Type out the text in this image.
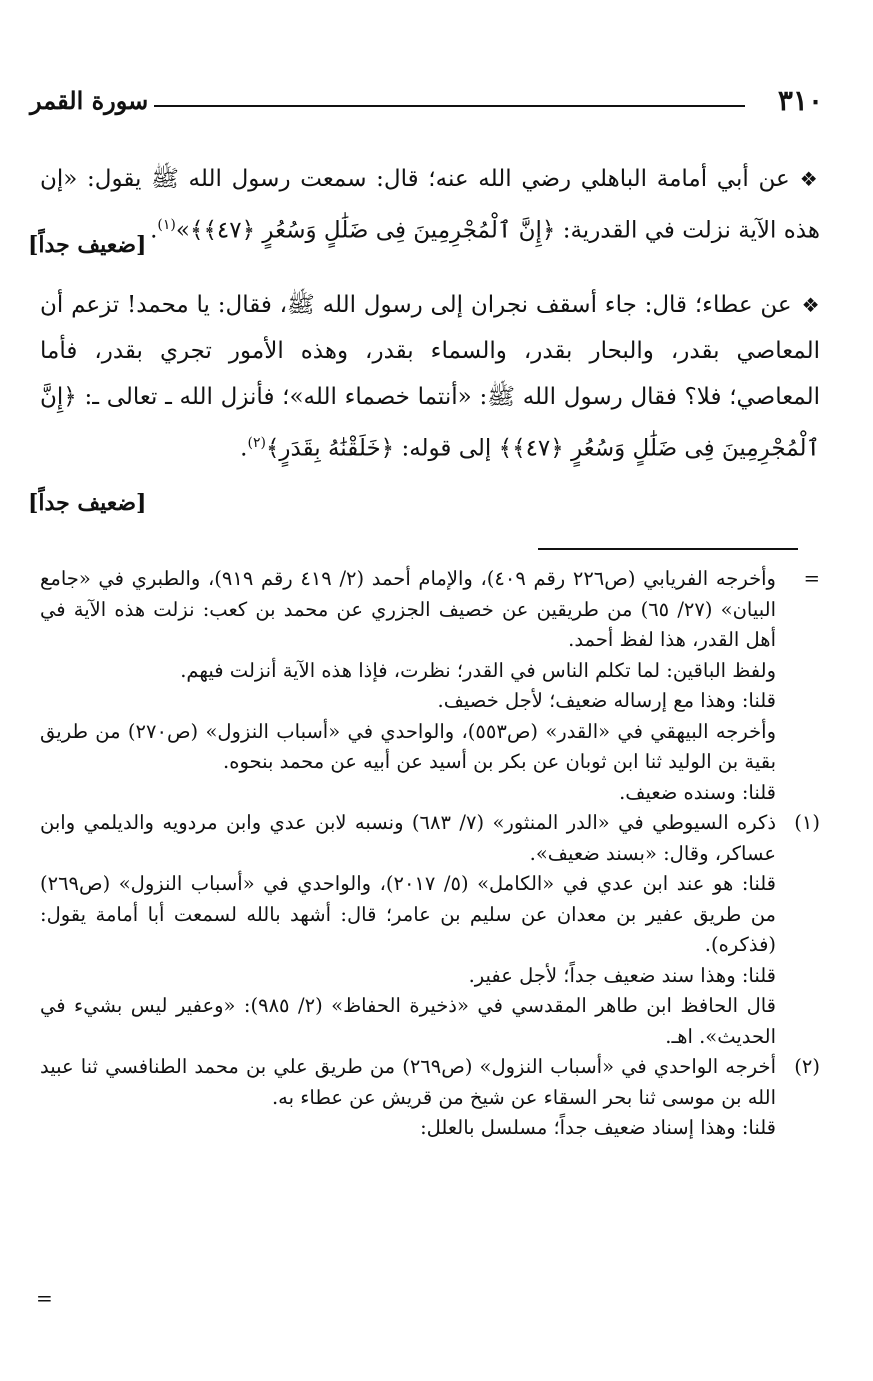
٣١٠
سورة القمر
❖عن أبي أمامة الباهلي رضي الله عنه؛ قال: سمعت رسول الله ﷺ يقول: «إن هذه الآية نزلت في القدرية: ﴿إِنَّ ٱلْمُجْرِمِينَ فِى ضَلَٰلٍ وَسُعُرٍ ﴿٤٧﴾﴾»$^{(١)}$.
[ضعيف جداً]
❖عن عطاء؛ قال: جاء أسقف نجران إلى رسول الله ﷺ، فقال: يا محمد! تزعم أن المعاصي بقدر، والبحار بقدر، والسماء بقدر، وهذه الأمور تجري بقدر، فأما المعاصي؛ فلا؟ فقال رسول الله ﷺ: «أنتما خصماء الله»؛ فأنزل الله ـ تعالى ـ: ﴿إِنَّ ٱلْمُجْرِمِينَ فِى ضَلَٰلٍ وَسُعُرٍ ﴿٤٧﴾﴾ إلى قوله: ﴿خَلَقْنَٰهُ بِقَدَرٍ﴾$^{(٢)}$.
[ضعيف جداً]
=
وأخرجه الفريابي (ص٢٢٦ رقم ٤٠٩)، والإمام أحمد (٢/ ٤١٩ رقم ٩١٩)، والطبري في «جامع البيان» (٢٧/ ٦٥) من طريقين عن خصيف الجزري عن محمد بن كعب: نزلت هذه الآية في أهل القدر، هذا لفظ أحمد.
ولفظ الباقين: لما تكلم الناس في القدر؛ نظرت، فإذا هذه الآية أنزلت فيهم.
قلنا: وهذا مع إرساله ضعيف؛ لأجل خصيف.
وأخرجه البيهقي في «القدر» (ص٥٥٣)، والواحدي في «أسباب النزول» (ص٢٧٠) من طريق بقية بن الوليد ثنا ابن ثوبان عن بكر بن أسيد عن أبيه عن محمد بنحوه.
قلنا: وسنده ضعيف.
(١)
ذكره السيوطي في «الدر المنثور» (٧/ ٦٨٣) ونسبه لابن عدي وابن مردويه والديلمي وابن عساكر، وقال: «بسند ضعيف».
قلنا: هو عند ابن عدي في «الكامل» (٥/ ٢٠١٧)، والواحدي في «أسباب النزول» (ص٢٦٩) من طريق عفير بن معدان عن سليم بن عامر؛ قال: أشهد بالله لسمعت أبا أمامة يقول: (فذكره).
قلنا: وهذا سند ضعيف جداً؛ لأجل عفير.
قال الحافظ ابن طاهر المقدسي في «ذخيرة الحفاظ» (٢/ ٩٨٥): «وعفير ليس بشيء في الحديث». اهـ.
(٢)
أخرجه الواحدي في «أسباب النزول» (ص٢٦٩) من طريق علي بن محمد الطنافسي ثنا عبيد الله بن موسى ثنا بحر السقاء عن شيخ من قريش عن عطاء به.
قلنا: وهذا إسناد ضعيف جداً؛ مسلسل بالعلل:
=
